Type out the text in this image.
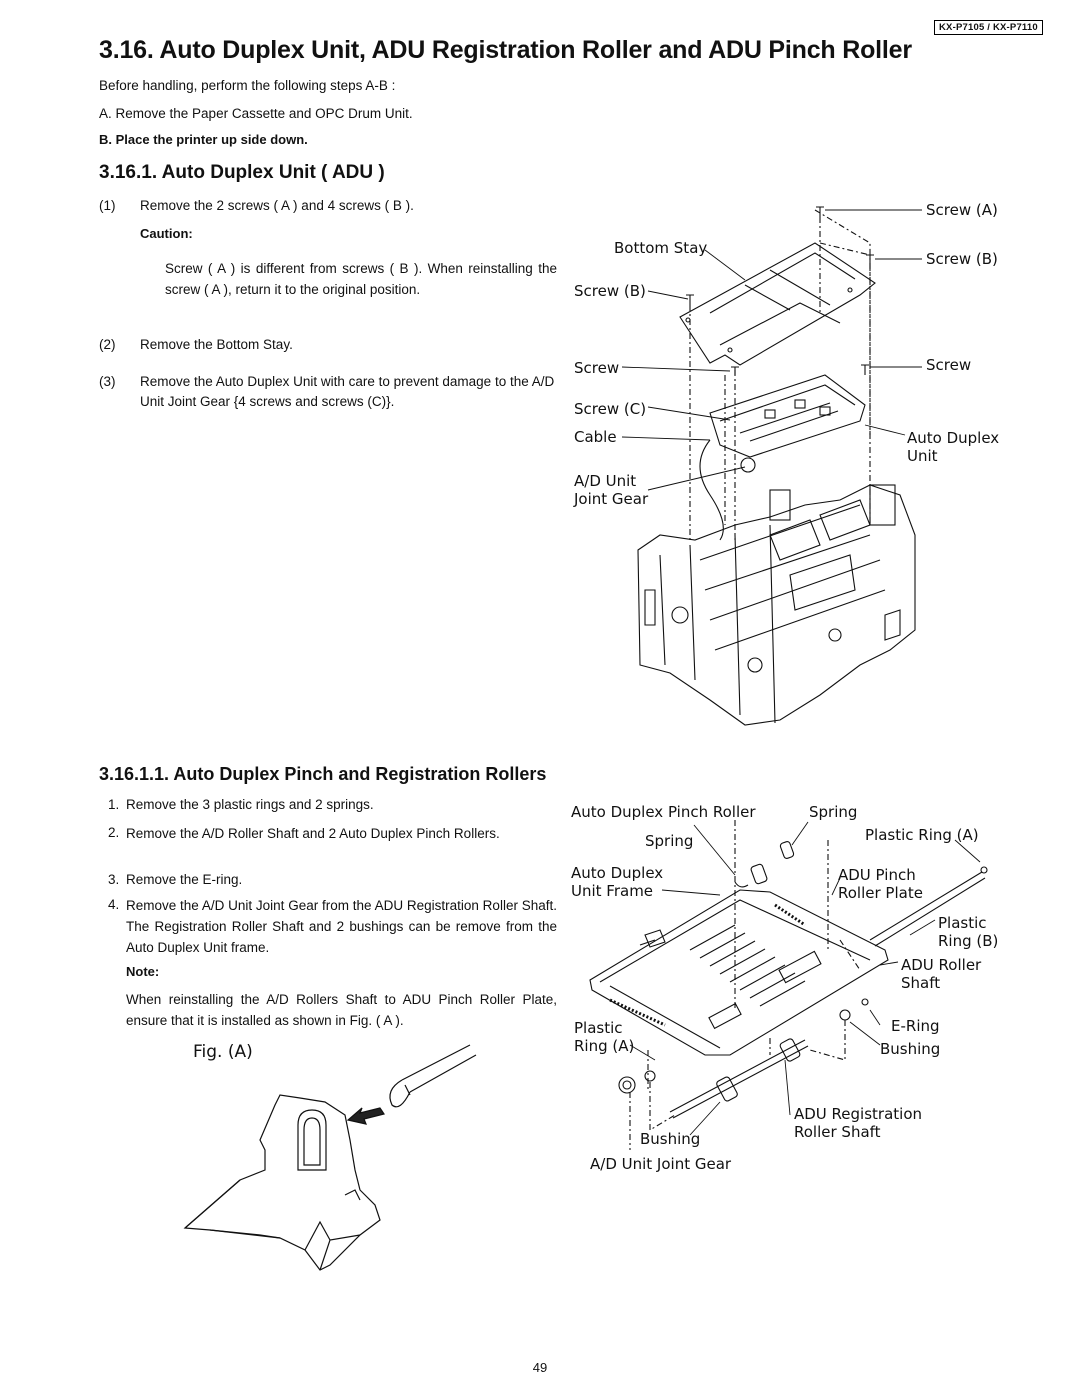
KX-P7105 / KX-P7110
3.16. Auto Duplex Unit, ADU Registration Roller and ADU Pinch Roller
Before handling, perform the following steps A-B :
A. Remove the Paper Cassette and OPC Drum Unit.
B. Place the printer up side down.
3.16.1. Auto Duplex Unit ( ADU )
(1) Remove the 2 screws ( A ) and 4 screws ( B ).
Caution:
Screw ( A ) is different from screws ( B ). When reinstalling the screw ( A ), return it to the original position.
(2) Remove the Bottom Stay.
(3) Remove the Auto Duplex Unit with care to prevent damage to the A/D Unit Joint Gear {4 screws and screws (C)}.
Screw (A)
Bottom Stay
Screw (B)
Screw (B)
Screw	Screw
Screw (C)
Cable	Auto Duplex
Unit
A/D Unit
Joint Gear
3.16.1.1. Auto Duplex Pinch and Registration Rollers
1. Remove the 3 plastic rings and 2 springs.
2. Remove the A/D Roller Shaft and 2 Auto Duplex Pinch Rollers.
3. Remove the E-ring.
4. Remove the A/D Unit Joint Gear from the ADU Registration Roller Shaft. The Registration Roller Shaft and 2 bushings can be remove from the Auto Duplex Unit frame.
Note:
When reinstalling the A/D Rollers Shaft to ADU Pinch Roller Plate, ensure that it is installed as shown in Fig. ( A ).
Fig. (A)
Auto Duplex Pinch Roller	Spring
Spring	Plastic Ring (A)
Auto Duplex
Unit Frame
ADU Pinch
Roller Plate
Plastic
Ring (B)
ADU Roller
Shaft
Plastic
Ring (A)
E-Ring
Bushing
ADU Registration
Roller Shaft
Bushing
A/D Unit Joint Gear
49
